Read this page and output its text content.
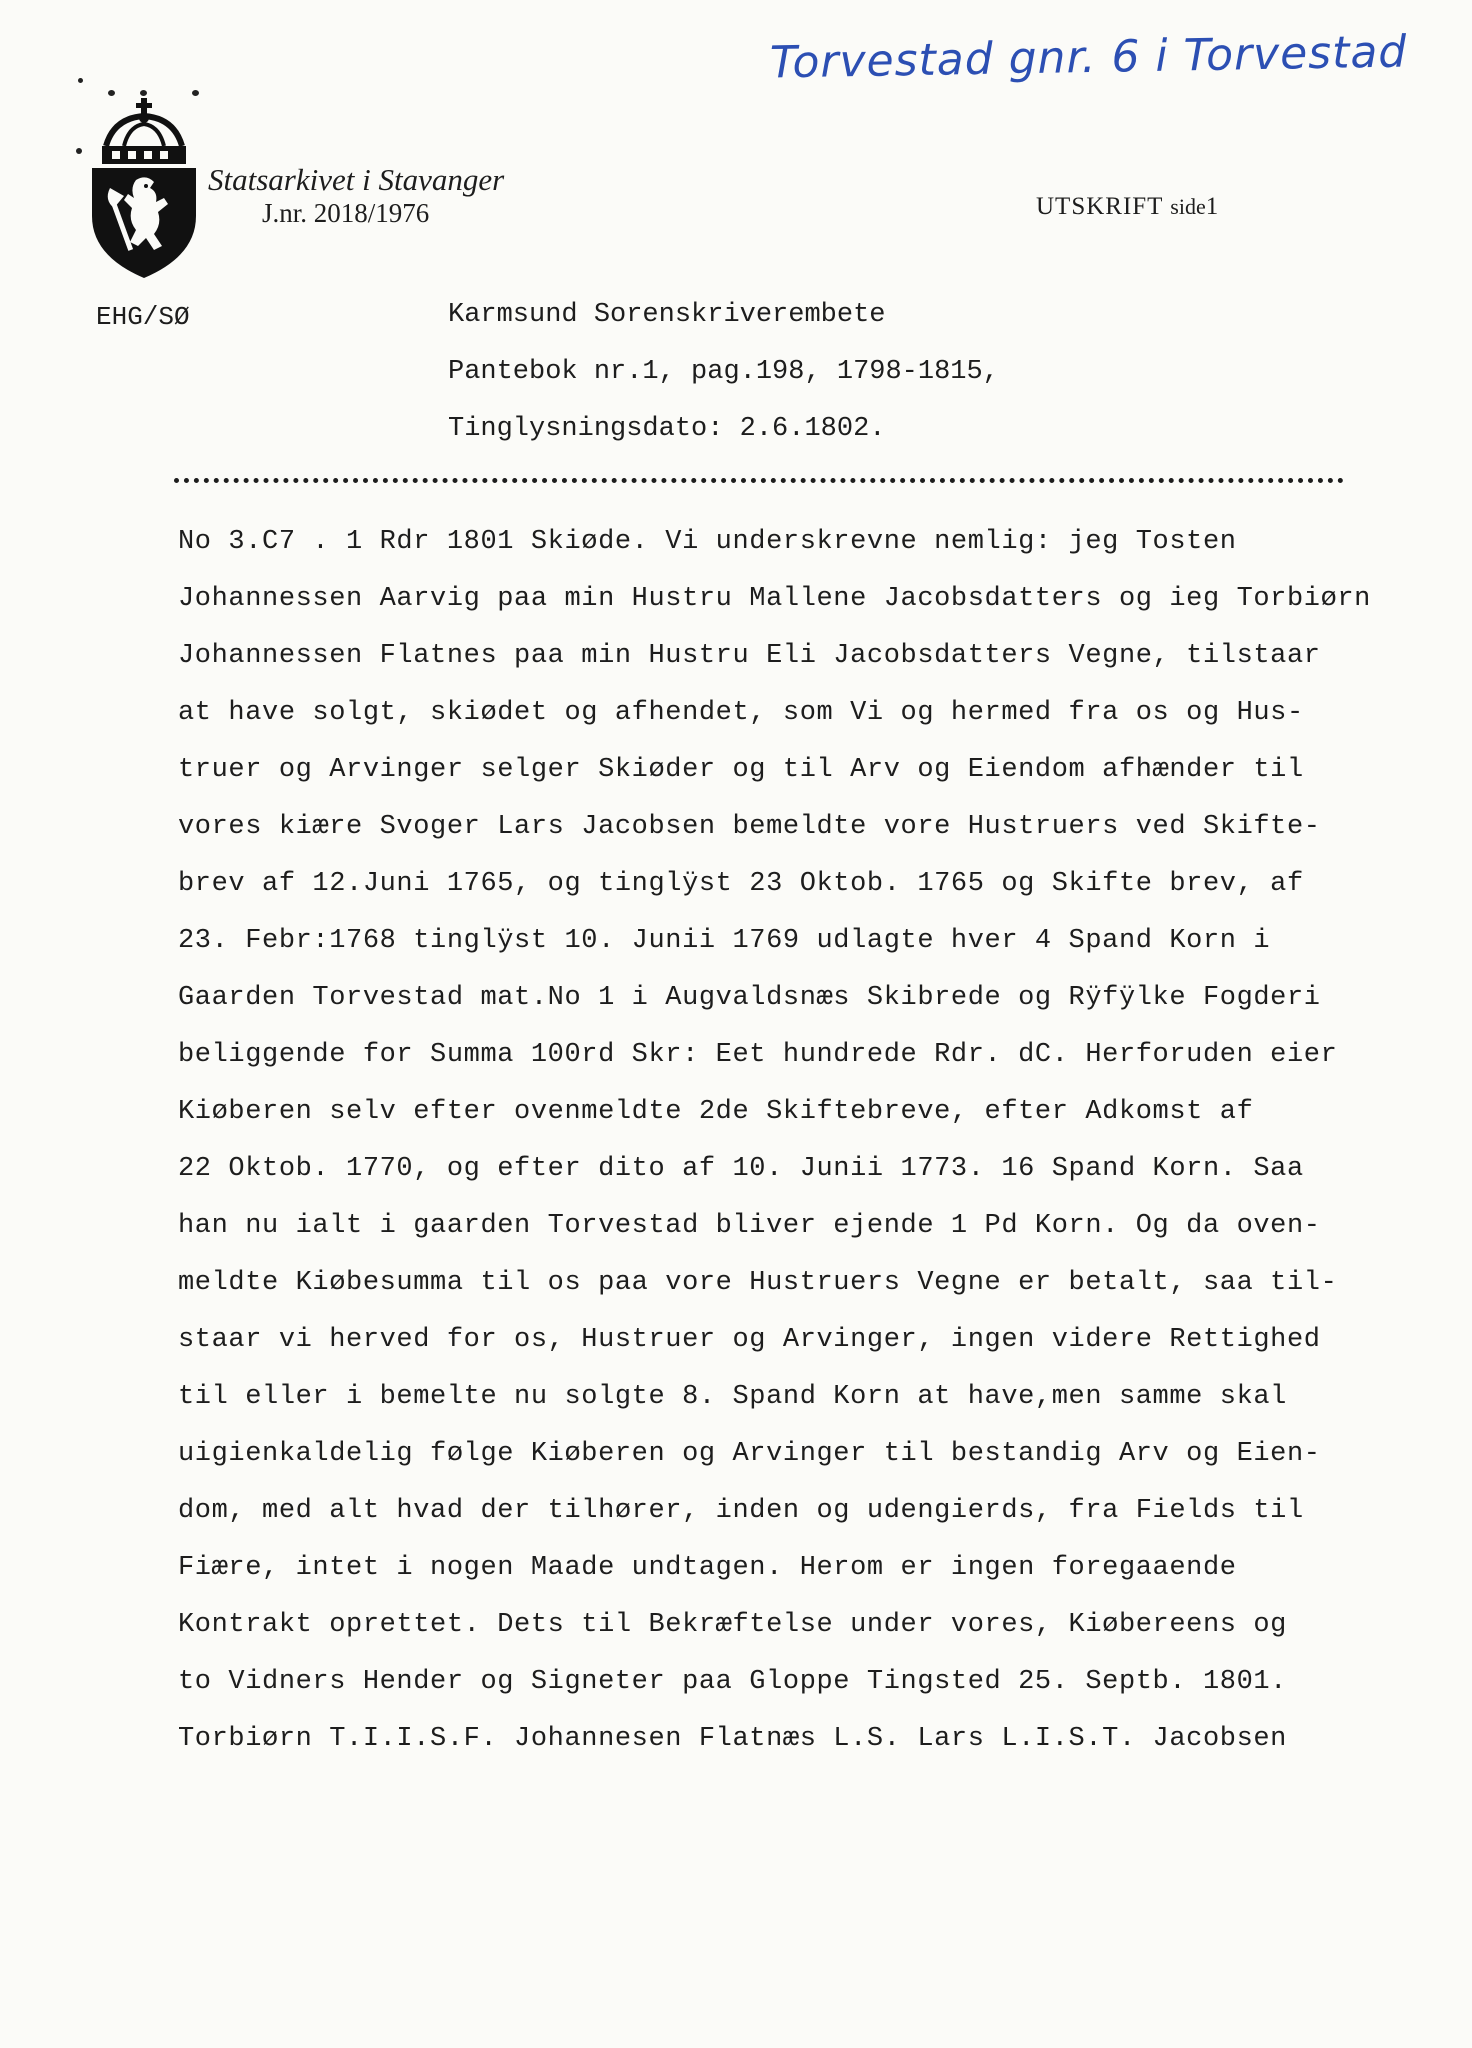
Torvestad gnr. 6 i Torvestad
Statsarkivet i Stavanger
J.nr. 2018/1976	UTSKRIFT side1
EHG/SØ	Karmsund Sorenskriverembete
Pantebok nr.1, pag.198, 1798-1815,
Tinglysningsdato: 2.6.1802.
No 3.C7 . 1 Rdr 1801 Skiøde. Vi underskrevne nemlig: jeg Tosten
Johannessen Aarvig paa min Hustru Mallene Jacobsdatters og ieg Torbiørn
Johannessen Flatnes paa min Hustru Eli Jacobsdatters Vegne, tilstaar
at have solgt, skiødet og afhendet, som Vi og hermed fra os og Hus-
truer og Arvinger selger Skiøder og til Arv og Eiendom afhænder til
vores kiære Svoger Lars Jacobsen bemeldte vore Hustruers ved Skifte-
brev af 12.Juni 1765, og tinglÿst 23 Oktob. 1765 og Skifte brev, af
23. Febr:1768 tinglÿst 10. Junii 1769 udlagte hver 4 Spand Korn i
Gaarden Torvestad mat.No 1 i Augvaldsnæs Skibrede og Rÿfÿlke Fogderi
beliggende for Summa 100rd Skr: Eet hundrede Rdr. dC. Herforuden eier
Kiøberen selv efter ovenmeldte 2de Skiftebreve, efter Adkomst af
22 Oktob. 1770, og efter dito af 10. Junii 1773. 16 Spand Korn. Saa
han nu ialt i gaarden Torvestad bliver ejende 1 Pd Korn. Og da oven-
meldte Kiøbesumma til os paa vore Hustruers Vegne er betalt, saa til-
staar vi herved for os, Hustruer og Arvinger, ingen videre Rettighed
til eller i bemelte nu solgte 8. Spand Korn at have,men samme skal
uigienkaldelig følge Kiøberen og Arvinger til bestandig Arv og Eien-
dom, med alt hvad der tilhører, inden og udengierds, fra Fields til
Fiære, intet i nogen Maade undtagen. Herom er ingen foregaaende
Kontrakt oprettet. Dets til Bekræftelse under vores, Kiøbereens og
to Vidners Hender og Signeter paa Gloppe Tingsted 25. Septb. 1801.
Torbiørn T.I.I.S.F. Johannesen Flatnæs L.S. Lars L.I.S.T. Jacobsen
